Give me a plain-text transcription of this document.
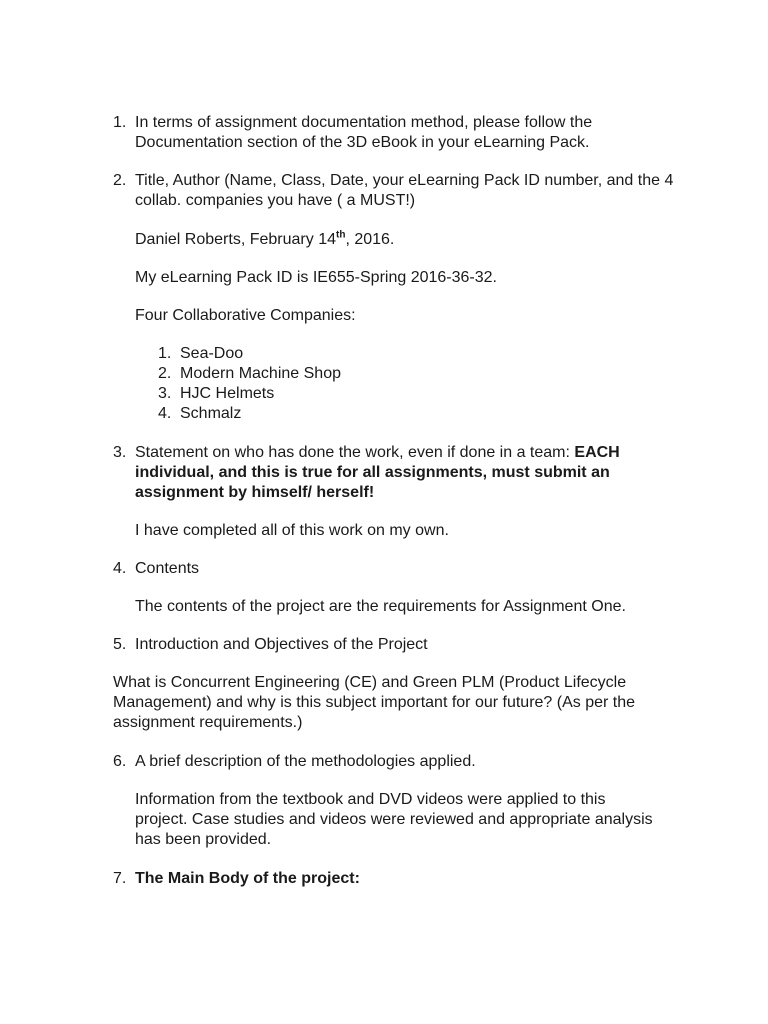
1. In terms of assignment documentation method, please follow the Documentation section of the 3D eBook in your eLearning Pack.
2. Title, Author (Name, Class, Date, your eLearning Pack ID number, and the 4 collab. companies you have ( a MUST!)
Daniel Roberts, February 14th, 2016.
My eLearning Pack ID is IE655-Spring 2016-36-32.
Four Collaborative Companies:
1. Sea-Doo
2. Modern Machine Shop
3. HJC Helmets
4. Schmalz
3. Statement on who has done the work, even if done in a team: EACH individual, and this is true for all assignments, must submit an assignment by himself/ herself!
I have completed all of this work on my own.
4. Contents
The contents of the project are the requirements for Assignment One.
5. Introduction and Objectives of the Project
What is Concurrent Engineering (CE) and Green PLM (Product Lifecycle Management) and why is this subject important for our future? (As per the assignment requirements.)
6. A brief description of the methodologies applied.
Information from the textbook and DVD videos were applied to this project. Case studies and videos were reviewed and appropriate analysis has been provided.
7. The Main Body of the project:
